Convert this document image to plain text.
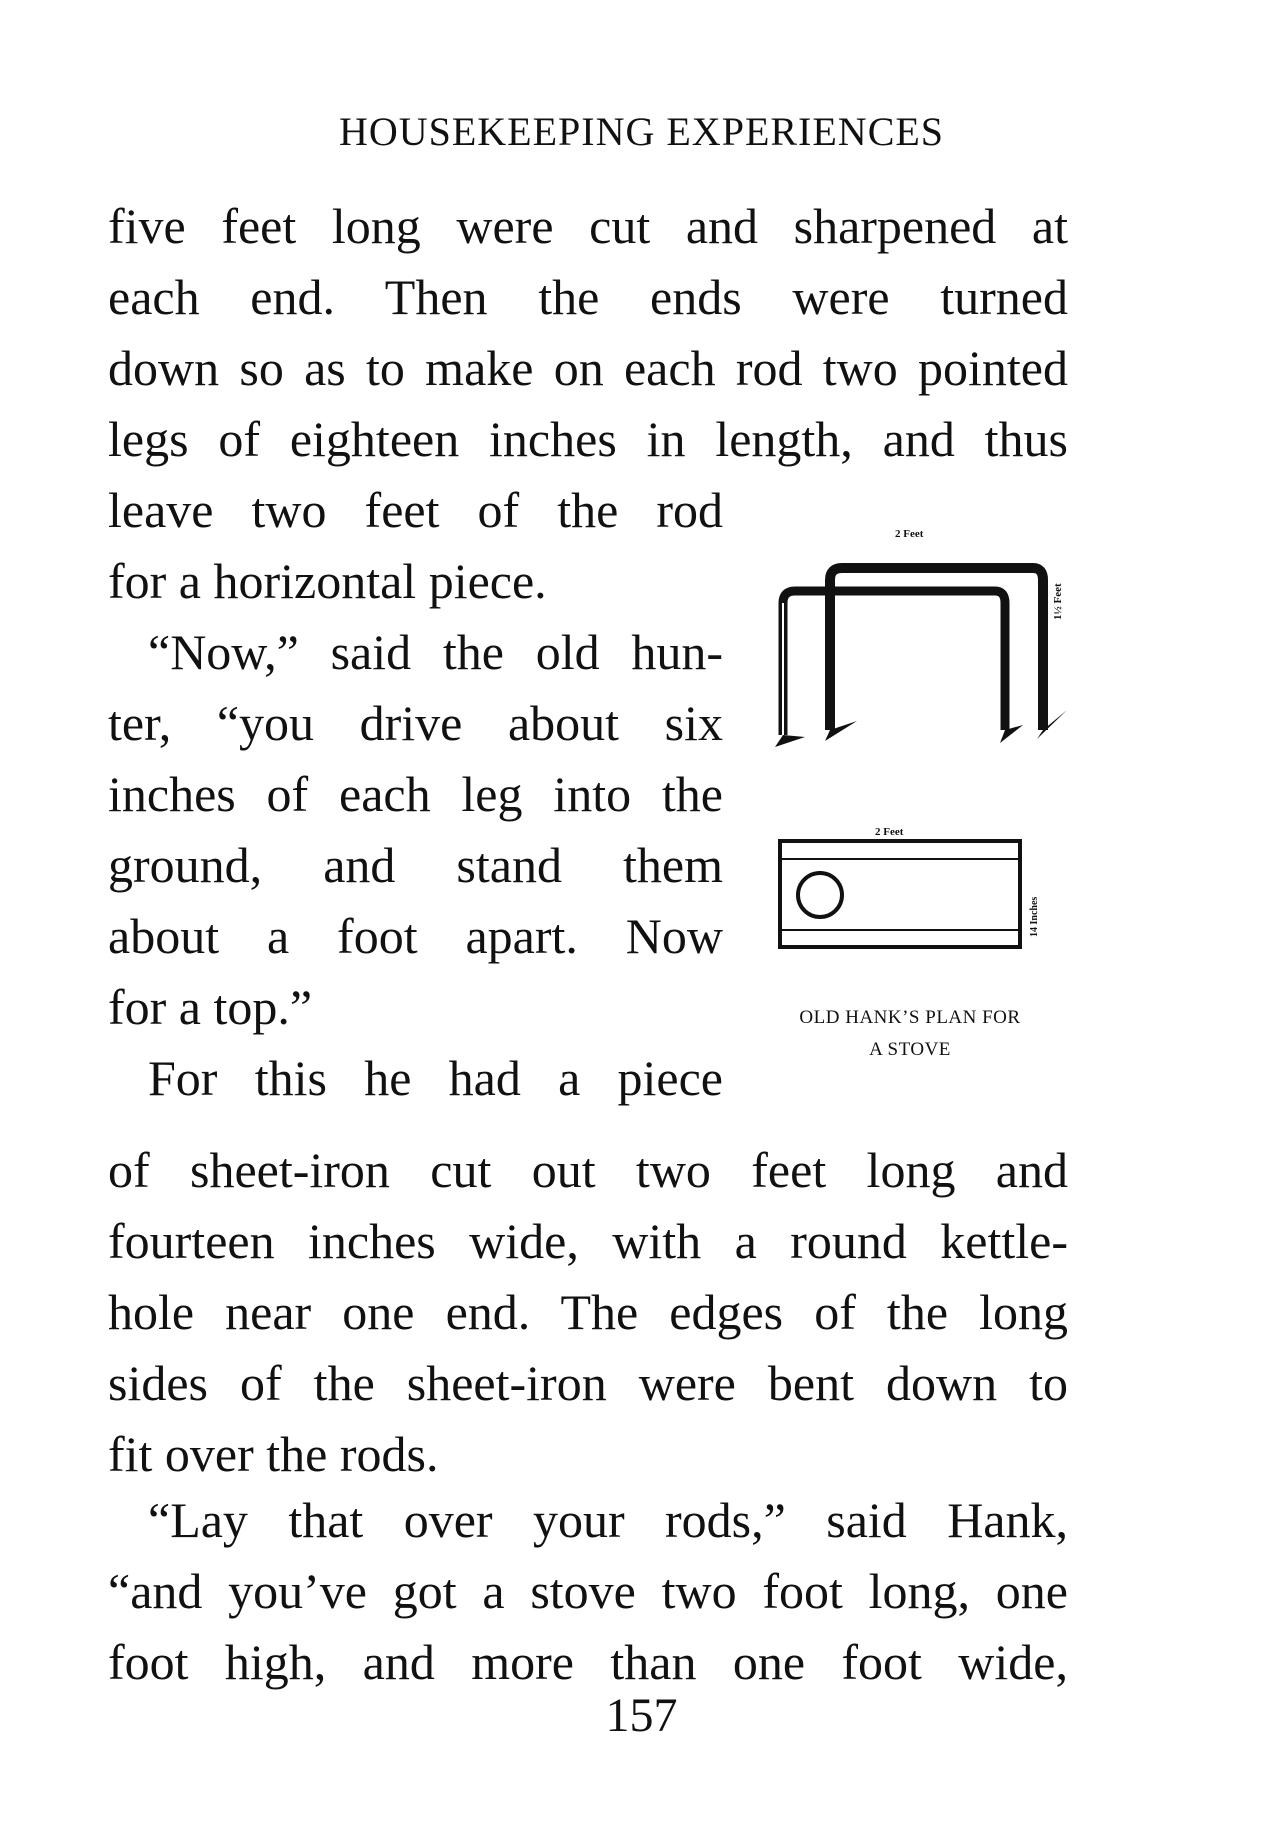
HOUSEKEEPING EXPERIENCES
five feet long were cut and sharpened at
each end. Then the ends were turned
down so as to make on each rod two pointed
legs of eighteen inches in length, and thus
leave two feet of the rod
for a horizontal piece.
“Now,” said the old hun-
ter, “you drive about six
inches of each leg into the
ground, and stand them
about a foot apart. Now
for a top.”
For this he had a piece
of sheet-iron cut out two feet long and
fourteen inches wide, with a round kettle-
hole near one end. The edges of the long
sides of the sheet-iron were bent down to
fit over the rods.
“Lay that over your rods,” said Hank,
“and you’ve got a stove two foot long, one
foot high, and more than one foot wide,
2 Feet
1½ Feet
2 Feet
14 Inches
OLD HANK’S PLAN FOR
A STOVE
157
